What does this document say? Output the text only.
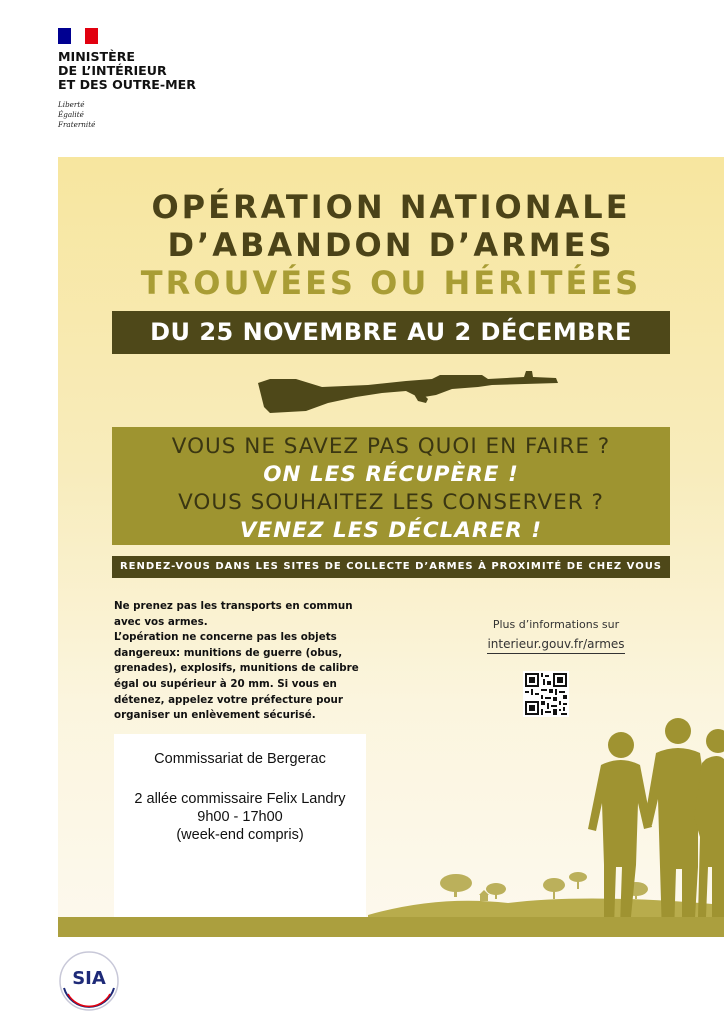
MINISTÈRE
DE L’INTÉRIEUR
ET DES OUTRE-MER
Liberté
Égalité
Fraternité
OPÉRATION NATIONALE
D’ABANDON D’ARMES
TROUVÉES OU HÉRITÉES
DU 25 NOVEMBRE AU 2 DÉCEMBRE
VOUS NE SAVEZ PAS QUOI EN FAIRE ?
ON LES RÉCUPÈRE !
VOUS SOUHAITEZ LES CONSERVER ?
VENEZ LES DÉCLARER !
RENDEZ-VOUS DANS LES SITES DE COLLECTE D’ARMES À PROXIMITÉ DE CHEZ VOUS
Ne prenez pas les transports en commun
avec vos armes.
L’opération ne concerne pas les objets
dangereux: munitions de guerre (obus,
grenades), explosifs, munitions de calibre
égal ou supérieur à 20 mm. Si vous en
détenez, appelez votre préfecture pour
organiser un enlèvement sécurisé.
Plus d’informations sur
interieur.gouv.fr/armes
Commissariat de Bergerac
2 allée commissaire Felix Landry
9h00 - 17h00
(week-end compris)
SIA
